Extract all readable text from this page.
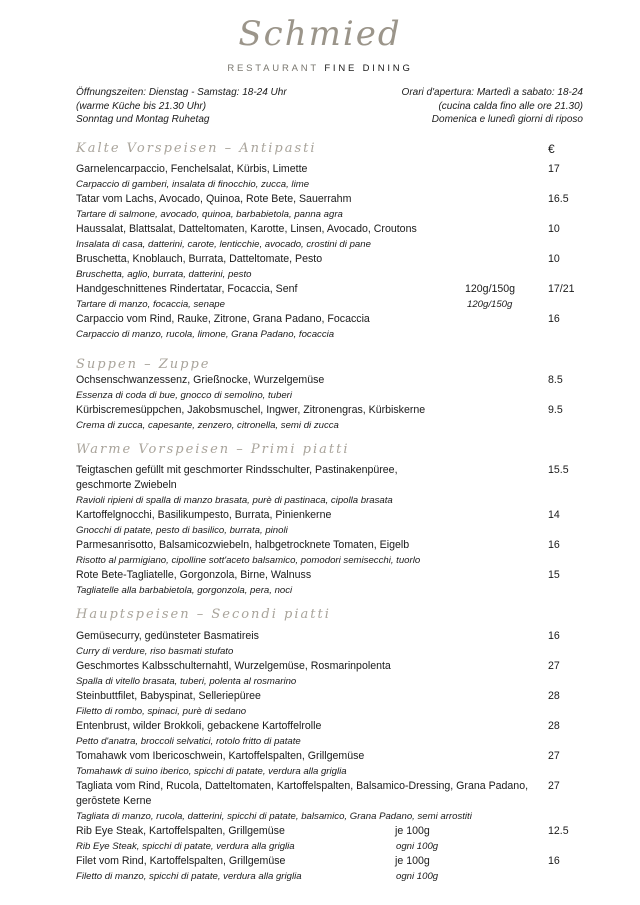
Schmied
RESTAURANT FINE DINING
Öffnungszeiten: Dienstag - Samstag: 18-24 Uhr
(warme Küche bis 21.30 Uhr)
Sonntag und Montag Ruhetag
Orari d'apertura: Martedì a sabato: 18-24
(cucina calda fino alle ore 21.30)
Domenica e lunedì giorni di riposo
€
Kalte Vorspeisen – Antipasti
Garnelencarpaccio, Fenchelsalat, Kürbis, Limette
Carpaccio di gamberi, insalata di finocchio, zucca, lime
17
Tatar vom Lachs, Avocado, Quinoa, Rote Bete, Sauerrahm
Tartare di salmone, avocado, quinoa, barbabietola, panna agra
16.5
Haussalat, Blattsalat, Datteltomaten, Karotte, Linsen, Avocado, Croutons
Insalata di casa, datterini, carote, lenticchie, avocado, crostini di pane
10
Bruschetta, Knoblauch, Burrata, Datteltomate, Pesto
Bruschetta, aglio, burrata, datterini, pesto
10
Handgeschnittenes Rindertatar, Focaccia, Senf
Tartare di manzo, focaccia, senape
120g/150g
120g/150g
17/21
Carpaccio vom Rind, Rauke, Zitrone, Grana Padano, Focaccia
Carpaccio di manzo, rucola, limone, Grana Padano, focaccia
16
Suppen – Zuppe
Ochsenschwanzessenz, Grießnocke, Wurzelgemüse
Essenza di coda di bue, gnocco di semolino, tuberi
8.5
Kürbiscremesüppchen, Jakobsmuschel, Ingwer, Zitronengras, Kürbiskerne
Crema di zucca, capesante, zenzero, citronella, semi di zucca
9.5
Warme Vorspeisen – Primi piatti
Teigtaschen gefüllt mit geschmorter Rindsschulter, Pastinakenpüree, geschmorte Zwiebeln
Ravioli ripieni di spalla di manzo brasata, purè di pastinaca, cipolla brasata
15.5
Kartoffelgnocchi, Basilikumpesto, Burrata, Pinienkerne
Gnocchi di patate, pesto di basilico, burrata, pinoli
14
Parmesanrisotto, Balsamicozwiebeln, halbgetrocknete Tomaten, Eigelb
Risotto al parmigiano, cipolline sott'aceto balsamico, pomodori semisecchi, tuorlo
16
Rote Bete-Tagliatelle, Gorgonzola, Birne, Walnuss
Tagliatelle alla barbabietola, gorgonzola, pera, noci
15
Hauptspeisen – Secondi piatti
Gemüsecurry, gedünsteter Basmatireis
Curry di verdure, riso basmati stufato
16
Geschmortes Kalbsschulternahtl, Wurzelgemüse, Rosmarinpolenta
Spalla di vitello brasata, tuberi, polenta al rosmarino
27
Steinbuttfilet, Babyspinat, Selleriepüree
Filetto di rombo, spinaci, purè di sedano
28
Entenbrust, wilder Brokkoli, gebackene Kartoffelrolle
Petto d'anatra, broccoli selvatici, rotolo fritto di patate
28
Tomahawk vom Ibericoschwein, Kartoffelspalten, Grillgemüse
Tomahawk di suino iberico, spicchi di patate, verdura alla griglia
27
Tagliata vom Rind, Rucola, Datteltomaten, Kartoffelspalten, Balsamico-Dressing, Grana Padano, gerōstete Kerne
Tagliata di manzo, rucola, datterini, spicchi di patate, balsamico, Grana Padano, semi arrostiti
27
Rib Eye Steak, Kartoffelspalten, Grillgemüse
Rib Eye Steak, spicchi di patate, verdura alla griglia
je 100g
ogni 100g
12.5
Filet vom Rind, Kartoffelspalten, Grillgemüse
Filetto di manzo, spicchi di patate, verdura alla griglia
je 100g
ogni 100g
16
